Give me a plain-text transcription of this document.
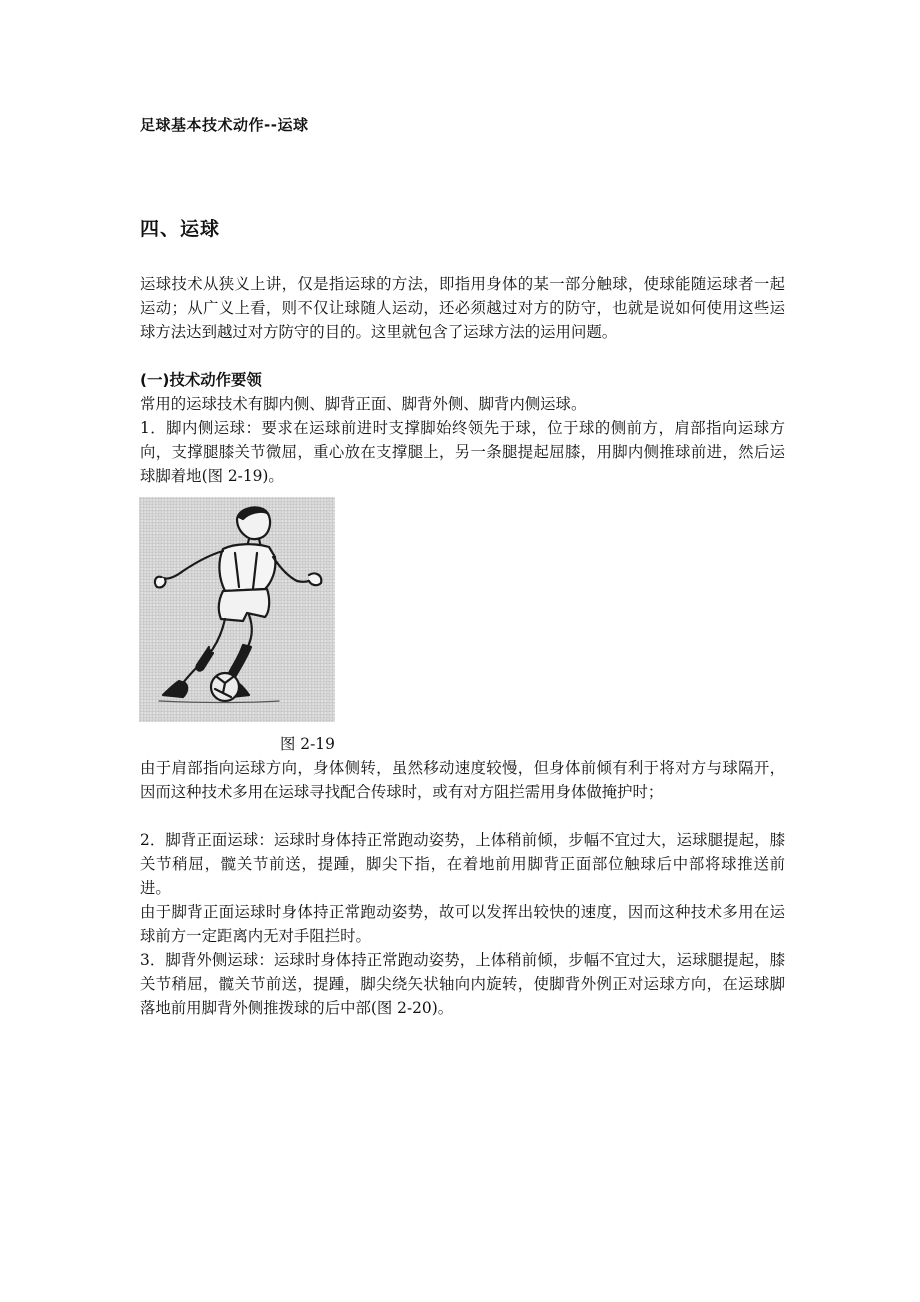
足球基本技术动作--运球
四、运球
运球技术从狭义上讲，仅是指运球的方法，即指用身体的某一部分触球，使球能随运球者一起运动；从广义上看，则不仅让球随人运动，还必须越过对方的防守，也就是说如何使用这些运球方法达到越过对方防守的目的。这里就包含了运球方法的运用问题。
(一)技术动作要领
常用的运球技术有脚内侧、脚背正面、脚背外侧、脚背内侧运球。
1．脚内侧运球：要求在运球前进时支撑脚始终领先于球，位于球的侧前方，肩部指向运球方向，支撑腿膝关节微屈，重心放在支撑腿上，另一条腿提起屈膝，用脚内侧推球前进，然后运球脚着地(图 2-19)。
图 2-19
由于肩部指向运球方向，身体侧转，虽然移动速度较慢，但身体前倾有利于将对方与球隔开，因而这种技术多用在运球寻找配合传球时，或有对方阻拦需用身体做掩护时；
2．脚背正面运球：运球时身体持正常跑动姿势，上体稍前倾，步幅不宜过大，运球腿提起，膝关节稍屈，髋关节前送，提踵，脚尖下指，在着地前用脚背正面部位触球后中部将球推送前进。
由于脚背正面运球时身体持正常跑动姿势，故可以发挥出较快的速度，因而这种技术多用在运球前方一定距离内无对手阻拦时。
3．脚背外侧运球：运球时身体持正常跑动姿势，上体稍前倾，步幅不宜过大，运球腿提起，膝关节稍屈，髋关节前送，提踵，脚尖绕矢状轴向内旋转，使脚背外例正对运球方向，在运球脚落地前用脚背外侧推拨球的后中部(图 2-20)。
